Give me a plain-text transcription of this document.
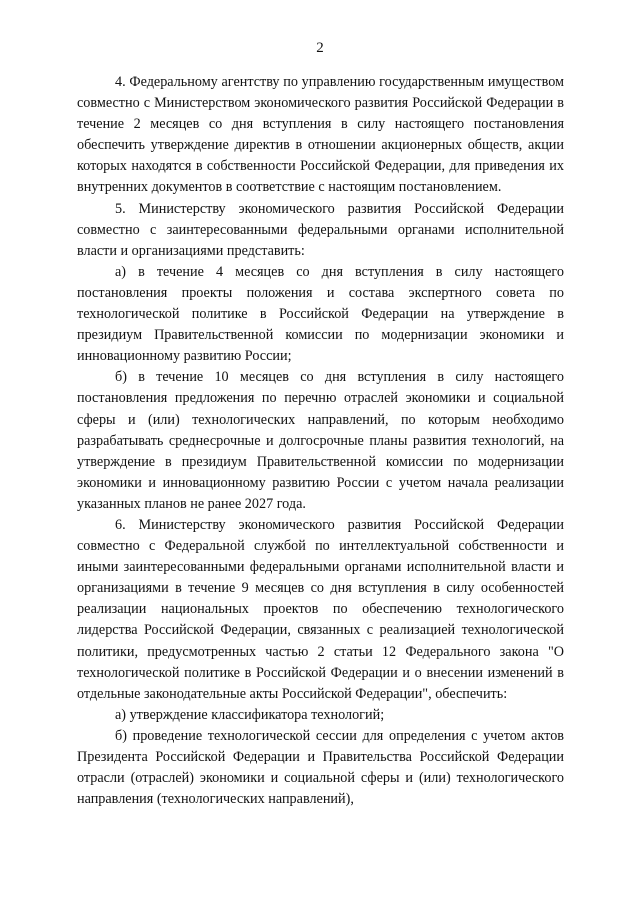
2

4. Федеральному агентству по управлению государственным имуществом совместно с Министерством экономического развития Российской Федерации в течение 2 месяцев со дня вступления в силу настоящего постановления обеспечить утверждение директив в отношении акционерных обществ, акции которых находятся в собственности Российской Федерации, для приведения их внутренних документов в соответствие с настоящим постановлением.

5. Министерству экономического развития Российской Федерации совместно с заинтересованными федеральными органами исполнительной власти и организациями представить:

а) в течение 4 месяцев со дня вступления в силу настоящего постановления проекты положения и состава экспертного совета по технологической политике в Российской Федерации на утверждение в президиум Правительственной комиссии по модернизации экономики и инновационному развитию России;

б) в течение 10 месяцев со дня вступления в силу настоящего постановления предложения по перечню отраслей экономики и социальной сферы и (или) технологических направлений, по которым необходимо разрабатывать среднесрочные и долгосрочные планы развития технологий, на утверждение в президиум Правительственной комиссии по модернизации экономики и инновационному развитию России с учетом начала реализации указанных планов не ранее 2027 года.

6. Министерству экономического развития Российской Федерации совместно с Федеральной службой по интеллектуальной собственности и иными заинтересованными федеральными органами исполнительной власти и организациями в течение 9 месяцев со дня вступления в силу особенностей реализации национальных проектов по обеспечению технологического лидерства Российской Федерации, связанных с реализацией технологической политики, предусмотренных частью 2 статьи 12 Федерального закона "О технологической политике в Российской Федерации и о внесении изменений в отдельные законодательные акты Российской Федерации", обеспечить:

а) утверждение классификатора технологий;

б) проведение технологической сессии для определения с учетом актов Президента Российской Федерации и Правительства Российской Федерации отрасли (отраслей) экономики и социальной сферы и (или) технологического направления (технологических направлений),
